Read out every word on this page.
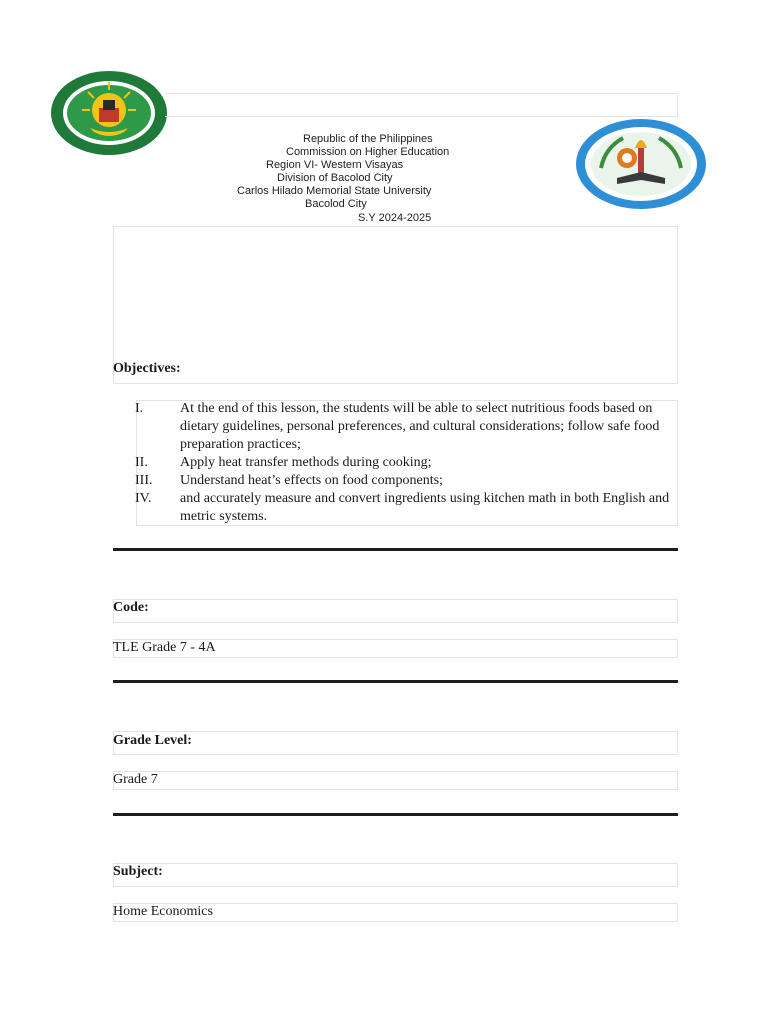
Republic of the Philippines
Commission on Higher Education
Region VI- Western Visayas
Division of Bacolod City
Carlos Hilado Memorial State University
Bacolod City
S.Y 2024-2025
Objectives:
I.	At the end of this lesson, the students will be able to select nutritious foods based on dietary guidelines, personal preferences, and cultural considerations; follow safe food preparation practices;
II.	Apply heat transfer methods during cooking;
III.	Understand heat’s effects on food components;
IV.	and accurately measure and convert ingredients using kitchen math in both English and metric systems.
Code:
TLE Grade 7 - 4A
Grade Level:
Grade 7
Subject:
Home Economics
